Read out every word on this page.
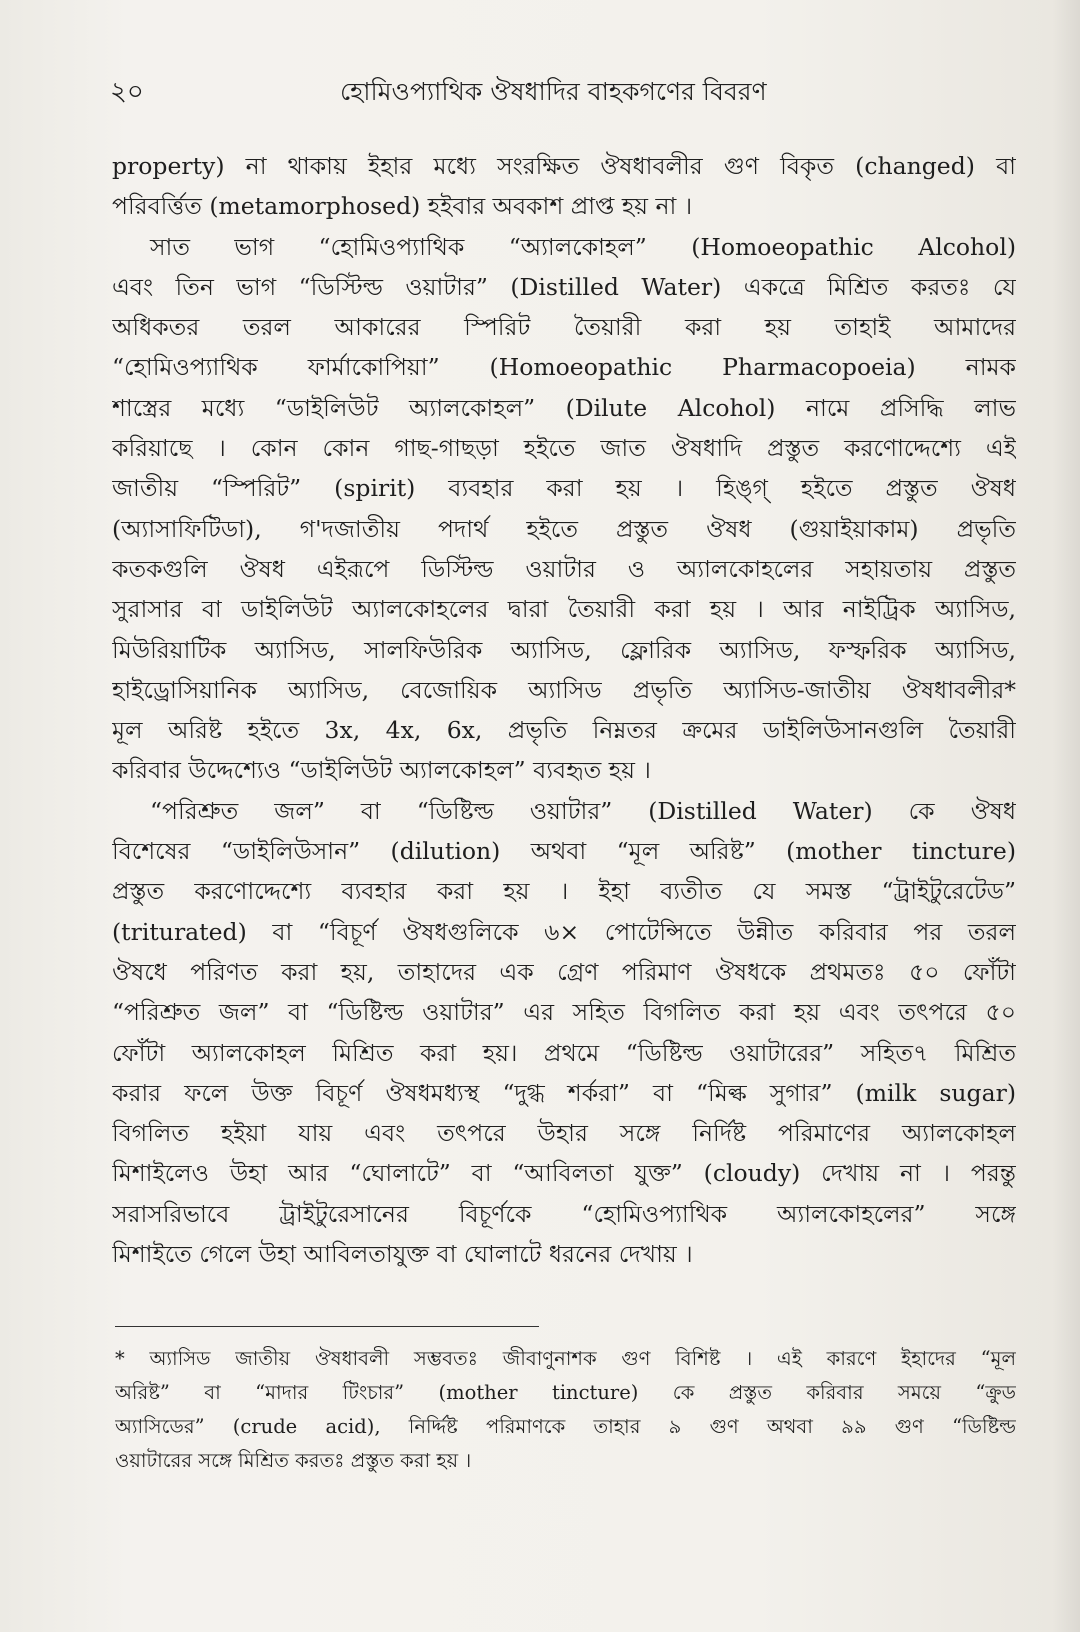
২০	হোমিওপ্যাথিক ঔষধাদির বাহকগণের বিবরণ
property) না থাকায় ইহার মধ্যে সংরক্ষিত ঔষধাবলীর গুণ বিকৃত (changed) বা
পরিবর্ত্তিত (metamorphosed) হইবার অবকাশ প্রাপ্ত হয় না ।
সাত ভাগ “হোমিওপ্যাথিক “অ্যালকোহল” (Homoeopathic Alcohol)
এবং তিন ভাগ “ডিস্টিল্ড ওয়াটার” (Distilled Water) একত্রে মিশ্রিত করতঃ যে
অধিকতর তরল আকারের স্পিরিট তৈয়ারী করা হয় তাহাই আমাদের
“হোমিওপ্যাথিক ফার্মাকোপিয়া” (Homoeopathic Pharmacopoeia) নামক
শাস্ত্রের মধ্যে “ডাইলিউট অ্যালকোহল” (Dilute Alcohol) নামে প্রসিদ্ধি লাভ
করিয়াছে । কোন কোন গাছ-গাছড়া হইতে জাত ঔষধাদি প্রস্তুত করণোদ্দেশ্যে এই
জাতীয় “স্পিরিট” (spirit) ব্যবহার করা হয় । হিঙ্গ্‌ হইতে প্রস্তুত ঔষধ
(অ্যাসাফিটিডা), গ'দজাতীয় পদার্থ হইতে প্রস্তুত ঔষধ (গুয়াইয়াকাম) প্রভৃতি
কতকগুলি ঔষধ এইরূপে ডিস্টিল্ড ওয়াটার ও অ্যালকোহলের সহায়তায় প্রস্তুত
সুরাসার বা ডাইলিউট অ্যালকোহলের দ্বারা তৈয়ারী করা হয় । আর নাইট্রিক অ্যাসিড,
মিউরিয়াটিক অ্যাসিড, সালফিউরিক অ্যাসিড, ফ্লোরিক অ্যাসিড, ফস্ফরিক অ্যাসিড,
হাইড্রোসিয়ানিক অ্যাসিড, বেজোয়িক অ্যাসিড প্রভৃতি অ্যাসিড-জাতীয় ঔষধাবলীর*
মূল অরিষ্ট হইতে 3x, 4x, 6x, প্রভৃতি নিম্নতর ক্রমের ডাইলিউসানগুলি তৈয়ারী
করিবার উদ্দেশ্যেও “ডাইলিউট অ্যালকোহল” ব্যবহৃত হয় ।
“পরিশ্রুত জল” বা “ডিষ্টিল্ড ওয়াটার” (Distilled Water) কে ঔষধ
বিশেষের “ডাইলিউসান” (dilution) অথবা “মূল অরিষ্ট” (mother tincture)
প্রস্তুত করণোদ্দেশ্যে ব্যবহার করা হয় । ইহা ব্যতীত যে সমস্ত “ট্রাইটুরেটেড”
(triturated) বা “বিচূর্ণ ঔষধগুলিকে ৬× পোটেন্সিতে উন্নীত করিবার পর তরল
ঔষধে পরিণত করা হয়, তাহাদের এক গ্রেণ পরিমাণ ঔষধকে প্রথমতঃ ৫০ ফোঁটা
“পরিশ্রুত জল” বা “ডিষ্টিল্ড ওয়াটার” এর সহিত বিগলিত করা হয় এবং তৎপরে ৫০
ফোঁটা অ্যালকোহল মিশ্রিত করা হয়। প্রথমে “ডিষ্টিল্ড ওয়াটারের” সহিত৭ মিশ্রিত
করার ফলে উক্ত বিচূর্ণ ঔষধমধ্যস্থ “দুগ্ধ শর্করা” বা “মিল্ক সুগার” (milk sugar)
বিগলিত হইয়া যায় এবং তৎপরে উহার সঙ্গে নির্দিষ্ট পরিমাণের অ্যালকোহল
মিশাইলেও উহা আর “ঘোলাটে” বা “আবিলতা যুক্ত” (cloudy) দেখায় না । পরন্তু
সরাসরিভাবে ট্রাইটুরেসানের বিচূর্ণকে “হোমিওপ্যাথিক অ্যালকোহলের” সঙ্গে
মিশাইতে গেলে উহা আবিলতাযুক্ত বা ঘোলাটে ধরনের দেখায় ।
* অ্যাসিড জাতীয় ঔষধাবলী সম্ভবতঃ জীবাণুনাশক গুণ বিশিষ্ট । এই কারণে ইহাদের “মূল
অরিষ্ট” বা “মাদার টিংচার” (mother tincture) কে প্রস্তুত করিবার সময়ে “ক্রুড
অ্যাসিডের” (crude acid), নির্দ্দিষ্ট পরিমাণকে তাহার ৯ গুণ অথবা ৯৯ গুণ “ডিষ্টিল্ড
ওয়াটারের সঙ্গে মিশ্রিত করতঃ প্রস্তুত করা হয় ।
